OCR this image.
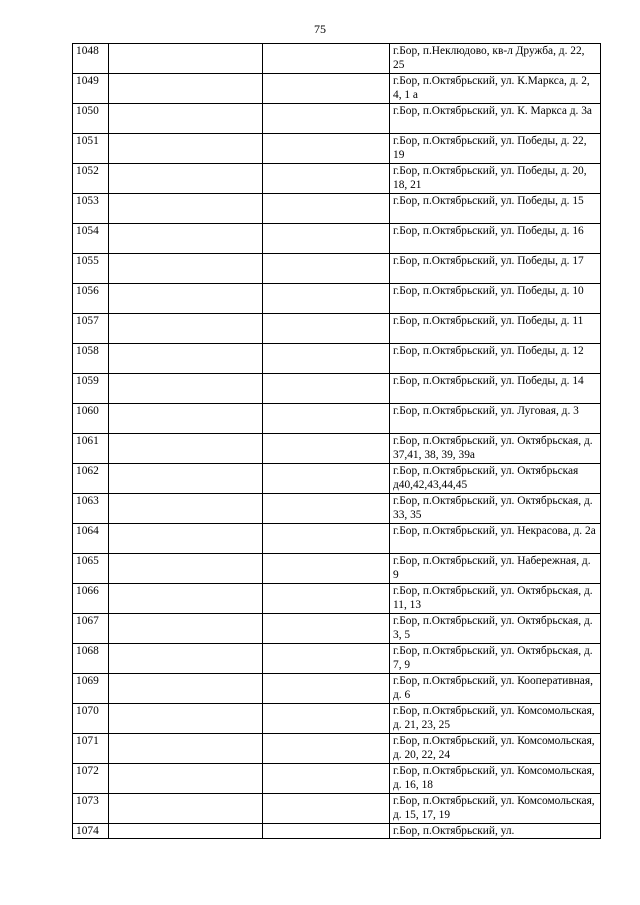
75
1048			г.Бор, п.Неклюдово, кв-л Дружба, д. 22, 25
1049			г.Бор, п.Октябрьский, ул. К.Маркса, д. 2, 4, 1 а
1050			г.Бор, п.Октябрьский, ул. К. Маркса д. 3а
1051			г.Бор, п.Октябрьский, ул. Победы, д. 22, 19
1052			г.Бор, п.Октябрьский, ул. Победы, д. 20, 18, 21
1053			г.Бор, п.Октябрьский, ул. Победы, д. 15
1054			г.Бор, п.Октябрьский, ул. Победы, д. 16
1055			г.Бор, п.Октябрьский, ул. Победы, д. 17
1056			г.Бор, п.Октябрьский, ул. Победы, д. 10
1057			г.Бор, п.Октябрьский, ул. Победы, д. 11
1058			г.Бор, п.Октябрьский, ул. Победы, д. 12
1059			г.Бор, п.Октябрьский, ул. Победы, д. 14
1060			г.Бор, п.Октябрьский, ул. Луговая, д. 3
1061			г.Бор, п.Октябрьский, ул. Октябрьская, д. 37,41, 38, 39, 39а
1062			г.Бор, п.Октябрьский, ул. Октябрьская д40,42,43,44,45
1063			г.Бор, п.Октябрьский, ул. Октябрьская, д. 33, 35
1064			г.Бор, п.Октябрьский, ул. Некрасова, д. 2а
1065			г.Бор, п.Октябрьский, ул. Набережная, д. 9
1066			г.Бор, п.Октябрьский, ул. Октябрьская, д. 11, 13
1067			г.Бор, п.Октябрьский, ул. Октябрьская, д. 3, 5
1068			г.Бор, п.Октябрьский, ул. Октябрьская, д. 7, 9
1069			г.Бор, п.Октябрьский, ул. Кооперативная, д. 6
1070			г.Бор, п.Октябрьский, ул. Комсомольская, д. 21, 23, 25
1071			г.Бор, п.Октябрьский, ул. Комсомольская, д. 20, 22, 24
1072			г.Бор, п.Октябрьский, ул. Комсомольская, д. 16, 18
1073			г.Бор, п.Октябрьский, ул. Комсомольская, д. 15, 17, 19
1074			г.Бор, п.Октябрьский, ул.
